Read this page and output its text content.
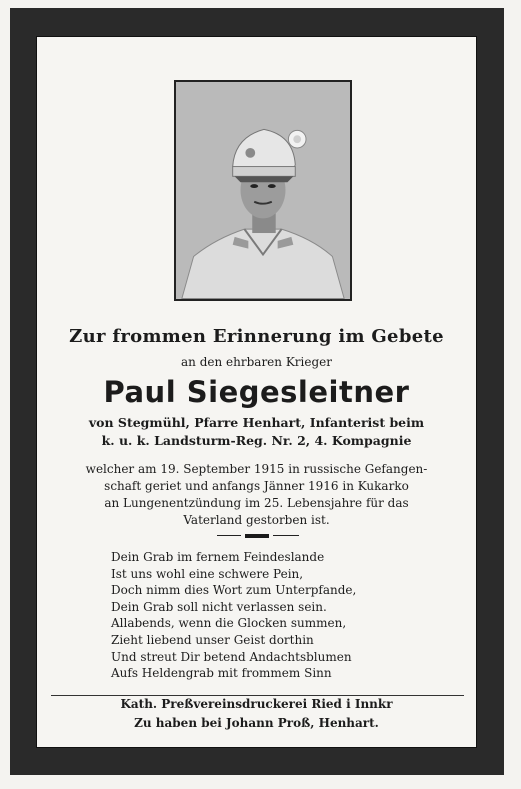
Zur frommen Erinnerung im Gebete
an den ehrbaren Krieger
Paul Siegesleitner
von Stegmühl, Pfarre Henhart, Infanterist beim
k. u. k. Landsturm-Reg. Nr. 2, 4. Kompagnie
welcher am 19. September 1915 in russische Gefangen-
schaft geriet und anfangs Jänner 1916 in Kukarko
an Lungenentzündung im 25. Lebensjahre für das
Vaterland gestorben ist.
Dein Grab im fernem Feindeslande
Ist uns wohl eine schwere Pein,
Doch nimm dies Wort zum Unterpfande,
Dein Grab soll nicht verlassen sein.
Allabends, wenn die Glocken summen,
Zieht liebend unser Geist dorthin
Und streut Dir betend Andachtsblumen
Aufs Heldengrab mit frommem Sinn
Kath. Preßvereinsdruckerei Ried i Innkr
Zu haben bei Johann Proß, Henhart.
